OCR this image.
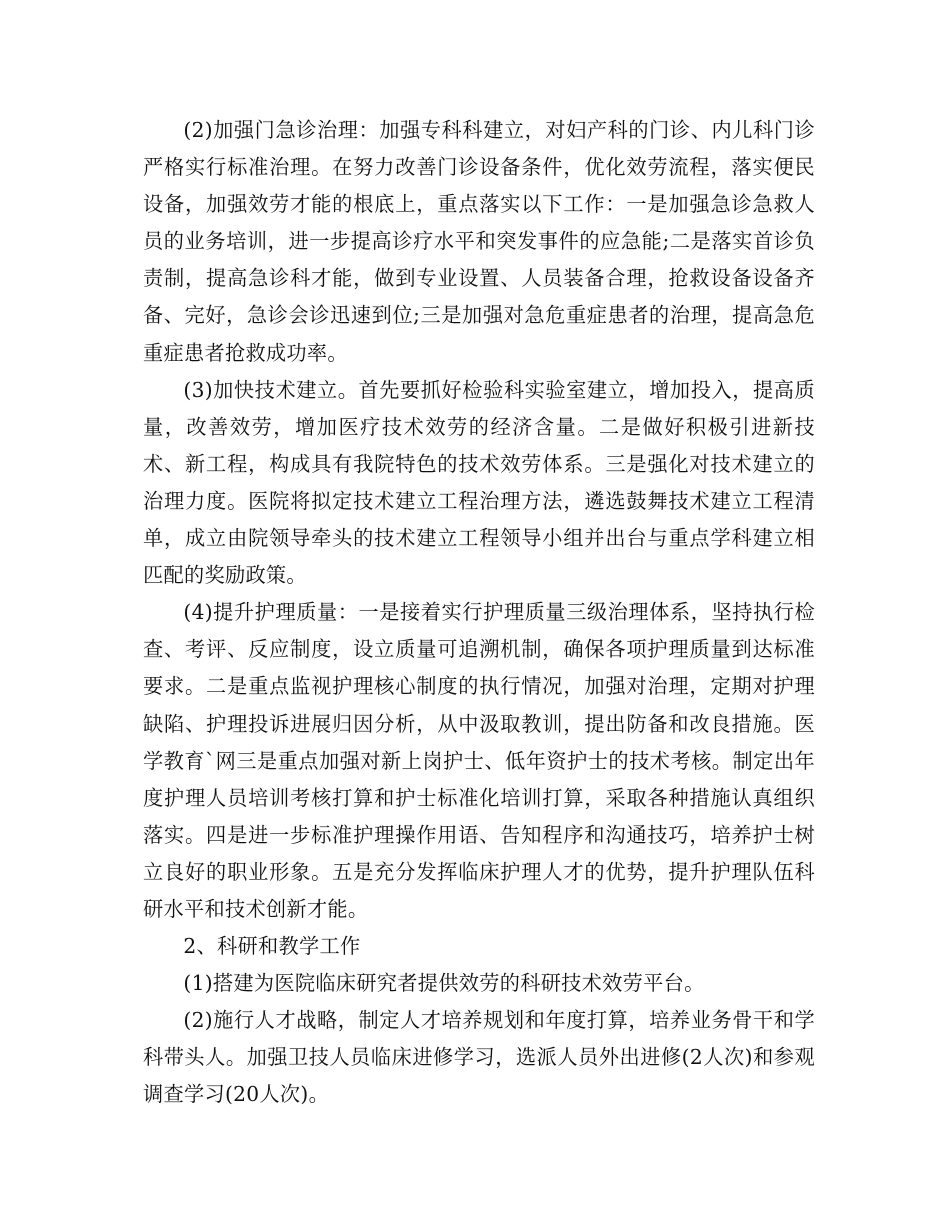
(2)加强门急诊治理：加强专科科建立，对妇产科的门诊、内儿科门诊严格实行标准治理。在努力改善门诊设备条件，优化效劳流程，落实便民设备，加强效劳才能的根底上，重点落实以下工作：一是加强急诊急救人员的业务培训，进一步提高诊疗水平和突发事件的应急能;二是落实首诊负责制，提高急诊科才能，做到专业设置、人员装备合理，抢救设备设备齐备、完好，急诊会诊迅速到位;三是加强对急危重症患者的治理，提高急危重症患者抢救成功率。

(3)加快技术建立。首先要抓好检验科实验室建立，增加投入，提高质量，改善效劳，增加医疗技术效劳的经济含量。二是做好积极引进新技术、新工程，构成具有我院特色的技术效劳体系。三是强化对技术建立的治理力度。医院将拟定技术建立工程治理方法，遴选鼓舞技术建立工程清单，成立由院领导牵头的技术建立工程领导小组并出台与重点学科建立相匹配的奖励政策。

(4)提升护理质量：一是接着实行护理质量三级治理体系，坚持执行检查、考评、反应制度，设立质量可追溯机制，确保各项护理质量到达标准要求。二是重点监视护理核心制度的执行情况，加强对治理，定期对护理缺陷、护理投诉进展归因分析，从中汲取教训，提出防备和改良措施。医学教育`网三是重点加强对新上岗护士、低年资护士的技术考核。制定出年度护理人员培训考核打算和护士标准化培训打算，采取各种措施认真组织落实。四是进一步标准护理操作用语、告知程序和沟通技巧，培养护士树立良好的职业形象。五是充分发挥临床护理人才的优势，提升护理队伍科研水平和技术创新才能。

2、科研和教学工作

(1)搭建为医院临床研究者提供效劳的科研技术效劳平台。

(2)施行人才战略，制定人才培养规划和年度打算，培养业务骨干和学科带头人。加强卫技人员临床进修学习，选派人员外出进修(2人次)和参观调查学习(20人次)。
